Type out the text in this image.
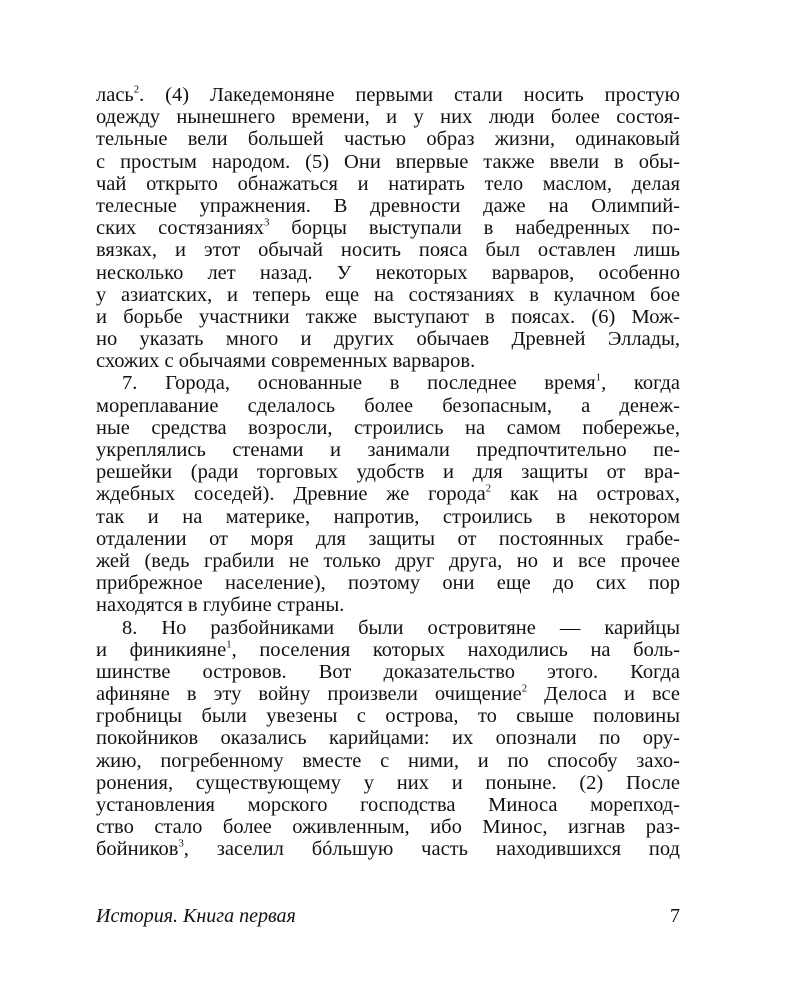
лась$^2$. (4) Лакедемоняне первыми стали носить простую
одежду нынешнего времени, и у них люди более состоя-
тельные вели большей частью образ жизни, одинаковый
с простым народом. (5) Они впервые также ввели в обы-
чай открыто обнажаться и натирать тело маслом, делая
телесные упражнения. В древности даже на Олимпий-
ских состязаниях$^3$ борцы выступали в набедренных по-
вязках, и этот обычай носить пояса был оставлен лишь
несколько лет назад. У некоторых варваров, особенно
у азиатских, и теперь еще на состязаниях в кулачном бое
и борьбе участники также выступают в поясах. (6) Мож-
но указать много и других обычаев Древней Эллады,
схожих с обычаями современных варваров.
7. Города, основанные в последнее время$^1$, когда
мореплавание сделалось более безопасным, а денеж-
ные средства возросли, строились на самом побережье,
укреплялись стенами и занимали предпочтительно пе-
решейки (ради торговых удобств и для защиты от вра-
ждебных соседей). Древние же города$^2$ как на островах,
так и на материке, напротив, строились в некотором
отдалении от моря для защиты от постоянных грабе-
жей (ведь грабили не только друг друга, но и все прочее
прибрежное население), поэтому они еще до сих пор
находятся в глубине страны.
8. Но разбойниками были островитяне — карийцы
и финикияне$^1$, поселения которых находились на боль-
шинстве островов. Вот доказательство этого. Когда
афиняне в эту войну произвели очищение$^2$ Делоса и все
гробницы были увезены с острова, то свыше половины
покойников оказались карийцами: их опознали по ору-
жию, погребенному вместе с ними, и по способу захо-
ронения, существующему у них и поныне. (2) После
установления морского господства Миноса морепход-
ство стало более оживленным, ибо Минос, изгнав раз-
бойников$^3$, заселил бóльшую часть находившихся под
История. Книга первая	7
